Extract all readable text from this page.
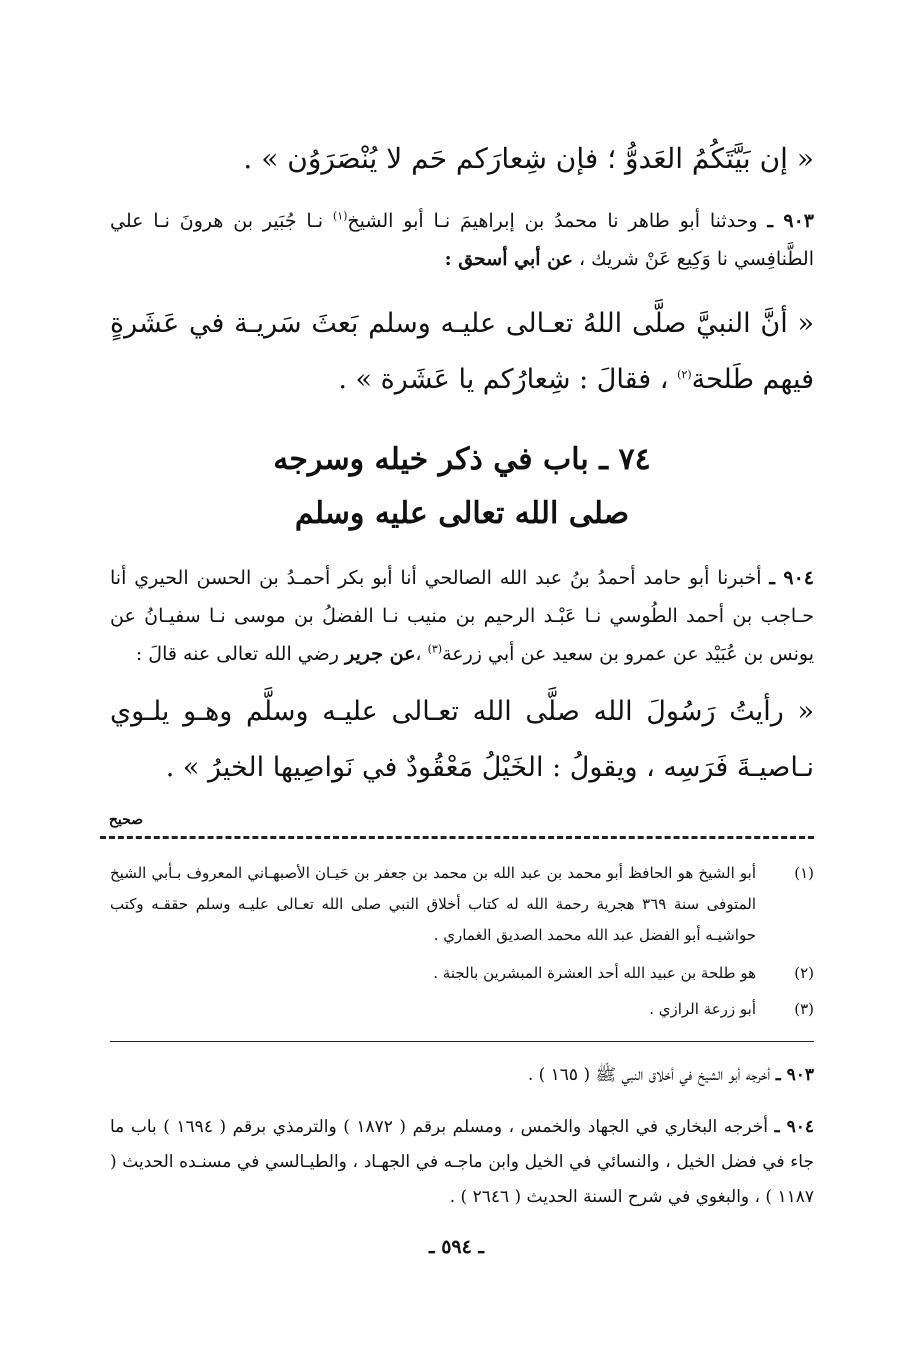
« إن بَيَّتَكُمُ العَدوُّ ؛ فإن شِعارَكم حَم لا يُنْصَرَوُن » .

٩٠٣ ـ وحدثنا أبو طاهر نا محمدُ بن إبراهيمَ نـا أبو الشيخ$^{(١)}$ نـا جُبَير بن هرونَ نـا علي الطَّنافِسي نا وَكِيع عَنْ شريك ، عن أبي أسحق :

« أنَّ النبيَّ صلَّى اللهُ تعـالى عليـه وسلم بَعثَ سَريـة في عَشَرةٍ فيهم طَلحة$^{(٢)}$ ، فقالَ : شِعارُكم يا عَشَرة » .

٧٤ ـ باب في ذكر خيله وسرجه

صلى الله تعالى عليه وسلم

٩٠٤ ـ أخبرنا أبو حامد أحمدُ بنُ عبد الله الصالحي أنا أبو بكر أحمـدُ بن الحسن الحيري أنا حـاجب بن أحمد الطُوسي نـا عَبْـد الرحيم بن منيب نـا الفضلُ بن موسى نـا سفيـانُ عن يونس بن عُبَيْد عن عمرو بن سعيد عن أبي زرعة$^{(٣)}$ ،عن جرير رضي الله تعالى عنه قالَ :

« رأيتُ رَسُولَ الله صلَّى الله تعـالى عليـه وسلَّم وهـو يلـوي نـاصيـةَ فَرَسِه ، ويقولُ : الخَيْلُ مَعْقُودٌ في نَواصِيها الخيرُ » .

صحيح

(١)
أبو الشيخ هو الحافظ أبو محمد بن عبد الله بن محمد بن جعفر بن حَيـان الأصبهـاني المعروف بـأبي الشيخ المتوفى سنة ٣٦٩ هجرية رحمة الله له كتاب أخلاق النبي صلى الله تعـالى عليـه وسلم حققـه وكتب حواشيـه أبو الفضل عبد الله محمد الصديق الغماري .
(٢)
هو طلحة بن عبيد الله أحد العشرة المبشرين بالجنة .
(٣)
أبو زرعة الرازي .

٩٠٣ ـ أخرجه أبو الشيخ في أخلاق النبي ﷺ ( ١٦٥ ) .

٩٠٤ ـ أخرجه البخاري في الجهاد والخمس ، ومسلم برقم ( ١٨٧٢ ) والترمذي برقم ( ١٦٩٤ ) باب ما جاء في فضل الخيل ، والنسائي في الخيل وابن ماجـه في الجهـاد ، والطيـالسي في مسنـده الحديث ( ١١٨٧ ) ، والبغوي في شرح السنة الحديث ( ٢٦٤٦ ) .

ـ ٥٩٤ ـ
